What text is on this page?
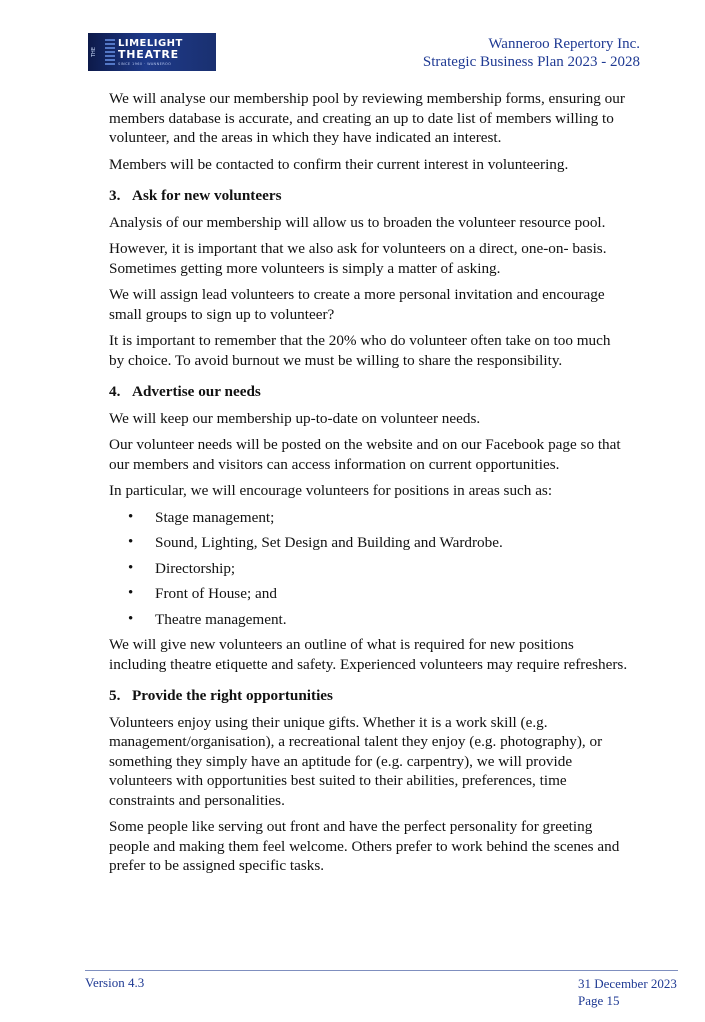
THE
LIMELIGHT
THEATRE
SINCE 1960 · WANNEROO
Wanneroo Repertory Inc.
Strategic Business Plan 2023 - 2028

We will analyse our membership pool by reviewing membership forms, ensuring our members database is accurate, and creating an up to date list of members willing to volunteer, and the areas in which they have indicated an interest.

Members will be contacted to confirm their current interest in volunteering.

3. Ask for new volunteers

Analysis of our membership will allow us to broaden the volunteer resource pool.

However, it is important that we also ask for volunteers on a direct, one-on- basis. Sometimes getting more volunteers is simply a matter of asking.

We will assign lead volunteers to create a more personal invitation and encourage small groups to sign up to volunteer?

It is important to remember that the 20% who do volunteer often take on too much by choice. To avoid burnout we must be willing to share the responsibility.

4. Advertise our needs

We will keep our membership up-to-date on volunteer needs.

Our volunteer needs will be posted on the website and on our Facebook page so that our members and visitors can access information on current opportunities.

In particular, we will encourage volunteers for positions in areas such as:

• Stage management;
• Sound, Lighting, Set Design and Building and Wardrobe.
• Directorship;
• Front of House; and
• Theatre management.

We will give new volunteers an outline of what is required for new positions including theatre etiquette and safety. Experienced volunteers may require refreshers.

5. Provide the right opportunities

Volunteers enjoy using their unique gifts. Whether it is a work skill (e.g. management/organisation), a recreational talent they enjoy (e.g. photography), or something they simply have an aptitude for (e.g. carpentry), we will provide volunteers with opportunities best suited to their abilities, preferences, time constraints and personalities.

Some people like serving out front and have the perfect personality for greeting people and making them feel welcome. Others prefer to work behind the scenes and prefer to be assigned specific tasks.

Version 4.3	31 December 2023
Page 15
